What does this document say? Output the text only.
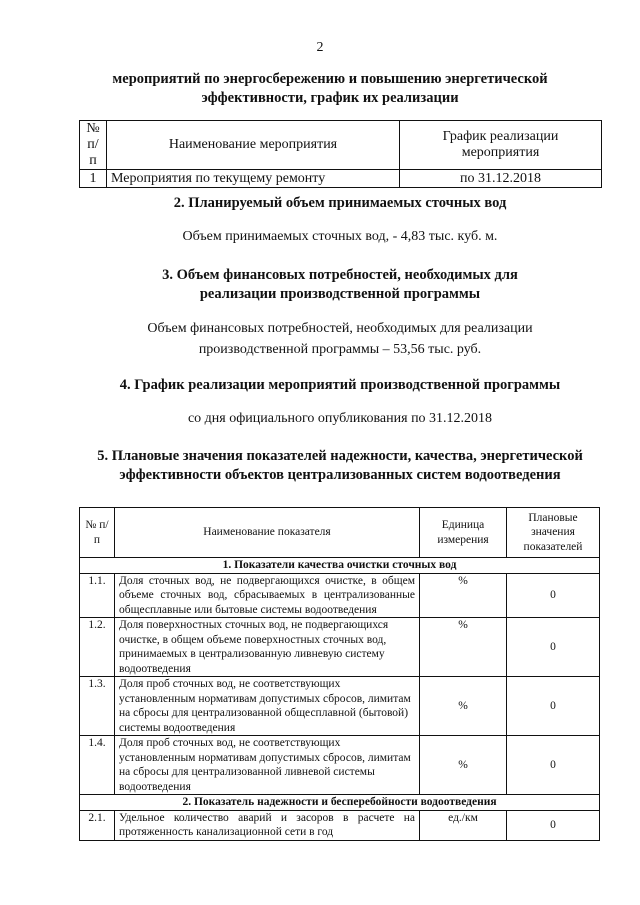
2
мероприятий по энергосбережению и повышению энергетической
эффективности, график их реализации
№ п/п	Наименование мероприятия	График реализации мероприятия
1	Мероприятия по текущему ремонту	по 31.12.2018
2. Планируемый объем принимаемых сточных вод
Объем принимаемых сточных вод, - 4,83 тыс. куб. м.
3. Объем финансовых потребностей, необходимых для
реализации производственной программы
Объем финансовых потребностей, необходимых для реализации
производственной программы – 53,56 тыс. руб.
4. График реализации мероприятий производственной программы
со дня официального опубликования по 31.12.2018
5. Плановые значения показателей надежности, качества, энергетической
эффективности объектов централизованных систем водоотведения
№ п/п	Наименование показателя	Единица измерения	Плановые значения показателей
1. Показатели качества очистки сточных вод			
1.1.	Доля сточных вод, не подвергающихся очистке, в общем объеме сточных вод, сбрасываемых в централизованные общесплавные или бытовые системы водоотведения	%	0
1.2.	Доля поверхностных сточных вод, не подвергающихся очистке, в общем объеме поверхностных сточных вод, принимаемых в централизованную ливневую систему водоотведения	%	0
1.3.	Доля проб сточных вод, не соответствующих установленным нормативам допустимых сбросов, лимитам на сбросы для централизованной общесплавной (бытовой) системы водоотведения	%	0
1.4.	Доля проб сточных вод, не соответствующих установленным нормативам допустимых сбросов, лимитам на сбросы для централизованной ливневой системы водоотведения	%	0
2. Показатель надежности и бесперебойности водоотведения			
2.1.	Удельное количество аварий и засоров в расчете на протяженность канализационной сети в год	ед./км	0
